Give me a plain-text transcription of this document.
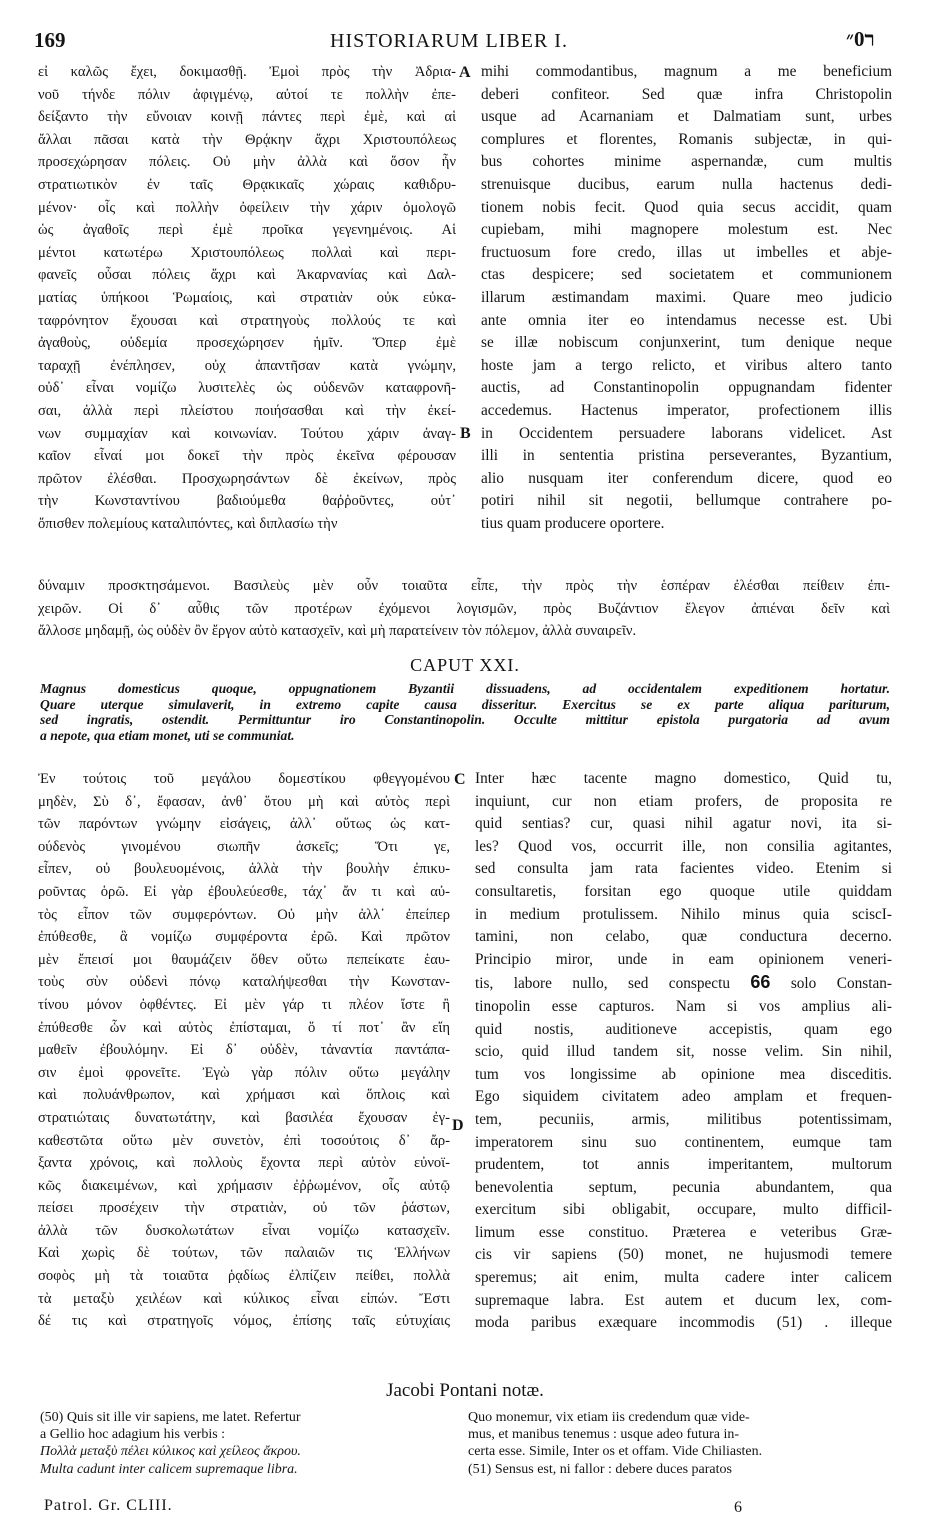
169	HISTORIARUM LIBER I.	ר0״

εἰ καλῶς ἔχει, δοκιμασθῇ. Ἐμοὶ πρὸς τὴν Ἀδρια-

νοῦ τήνδε πόλιν ἀφιγμένῳ, αὐτοί τε πολλὴν ἐπε-

δείξαντο τὴν εὔνοιαν κοινῇ πάντες περὶ ἐμὲ, καὶ αἱ

ἄλλαι πᾶσαι κατὰ τὴν Θρᾴκην ἄχρι Χριστουπόλεως

προσεχώρησαν πόλεις. Οὐ μὴν ἀλλὰ καὶ ὅσον ἦν

στρατιωτικὸν ἐν ταῖς Θρᾳκικαῖς χώραις καθιδρυ-

μένον· οἷς καὶ πολλὴν ὀφείλειν τὴν χάριν ὁμολογῶ

ὡς ἀγαθοῖς περὶ ἐμὲ προῖκα γεγενημένοις. Αἱ

μέντοι κατωτέρω Χριστουπόλεως πολλαὶ καὶ περι-

φανεῖς οὖσαι πόλεις ἄχρι καὶ Ἀκαρνανίας καὶ Δαλ-

ματίας ὑπήκοοι Ῥωμαίοις, καὶ στρατιὰν οὐκ εὐκα-

ταφρόνητον ἔχουσαι καὶ στρατηγοὺς πολλούς τε καὶ

ἀγαθοὺς, οὐδεμία προσεχώρησεν ἡμῖν. Ὅπερ ἐμὲ

ταραχῇ ἐνέπλησεν, οὐχ ἀπαντῆσαν κατὰ γνώμην,

οὐδ᾽ εἶναι νομίζω λυσιτελὲς ὡς οὐδενῶν καταφρονῆ-

σαι, ἀλλὰ περὶ πλείστου ποιήσασθαι καὶ τὴν ἐκεί-

νων συμμαχίαν καὶ κοινωνίαν. Τούτου χάριν ἀναγ-

καῖον εἶναί μοι δοκεῖ τὴν πρὸς ἐκεῖνα φέρουσαν

πρῶτον ἐλέσθαι. Προσχωρησάντων δὲ ἐκείνων, πρὸς

τὴν Κωνσταντίνου βαδιούμεθα θαῤῥοῦντες, οὐτ᾽

ὄπισθεν πολεμίους καταλιπόντες, καὶ διπλασίω τὴν

mihi commodantibus, magnum a me beneficium

deberi confiteor. Sed quæ infra Christopolin

usque ad Acarnaniam et Dalmatiam sunt, urbes

complures et florentes, Romanis subjectæ, in qui-

bus cohortes minime aspernandæ, cum multis

strenuisque ducibus, earum nulla hactenus dedi-

tionem nobis fecit. Quod quia secus accidit, quam

cupiebam, mihi magnopere molestum est. Nec

fructuosum fore credo, illas ut imbelles et abje-

ctas despicere; sed societatem et communionem

illarum æstimandam maximi. Quare meo judicio

ante omnia iter eo intendamus necesse est. Ubi

se illæ nobiscum conjunxerint, tum denique neque

hoste jam a tergo relicto, et viribus altero tanto

auctis, ad Constantinopolin oppugnandam fidenter

accedemus. Hactenus imperator, profectionem illis

in Occidentem persuadere laborans videlicet. Ast

illi in sententia pristina perseverantes, Byzantium,

alio nusquam iter conferendum dicere, quod eo

potiri nihil sit negotii, bellumque contrahere po-

tius quam producere oportere.

A
B

δύναμιν προσκτησάμενοι. Βασιλεὺς μὲν οὖν τοιαῦτα εἶπε, τὴν πρὸς τὴν ἑσπέραν ἐλέσθαι πείθειν ἐπι-

χειρῶν. Οἱ δ᾽ αὖθις τῶν προτέρων ἐχόμενοι λογισμῶν, πρὸς Βυζάντιον ἔλεγον ἀπιέναι δεῖν καὶ

ἄλλοσε μηδαμῇ, ὡς οὐδὲν ὂν ἔργον αὐτὸ κατασχεῖν, καὶ μὴ παρατείνειν τὸν πόλεμον, ἀλλὰ συναιρεῖν.

CAPUT XXI.

Magnus domesticus quoque, oppugnationem Byzantii dissuadens, ad occidentalem expeditionem hortatur.

Quare uterque simulaverit, in extremo capite causa disseritur. Exercitus se ex parte aliqua pariturum,

sed ingratis, ostendit. Permittuntur iro Constantinopolin. Occulte mittitur epistola purgatoria ad avum

a nepote, qua etiam monet, uti se communiat.

Ἐν τούτοις τοῦ μεγάλου δομεστίκου φθεγγομένου

μηδὲν, Σὺ δ᾽, ἔφασαν, ἀνθ᾽ ὅτου μὴ καὶ αὐτὸς περὶ

τῶν παρόντων γνώμην εἰσάγεις, ἀλλ᾽ οὕτως ὡς κατ-

ούδενὸς γινομένου σιωπῆν ἀσκεῖς; Ὅτι γε,

εἶπεν, οὐ βουλευομένοις, ἀλλὰ τὴν βουλὴν ἐπικυ-

ροῦντας ὁρῶ. Εἰ γὰρ ἐβουλεύεσθε, τάχ᾽ ἄν τι καὶ αὐ-

τὸς εἶπον τῶν συμφερόντων. Οὐ μὴν ἀλλ᾽ ἐπείπερ

ἐπύθεσθε, ἃ νομίζω συμφέροντα ἐρῶ. Καὶ πρῶτον

μὲν ἔπεισί μοι θαυμάζειν ὅθεν οὕτω πεπείκατε ἑαυ-

τοὺς σὺν οὐδενὶ πόνῳ καταλήψεσθαι τὴν Κωνσταν-

τίνου μόνον ὀφθέντες. Εἰ μὲν γάρ τι πλέον ἴστε ἢ

ἐπύθεσθε ὧν καὶ αὐτὸς ἐπίσταμαι, ὅ τί ποτ᾽ ἂν εἴη

μαθεῖν ἐβουλόμην. Εἰ δ᾽ οὐδὲν, τἀναντία παντάπα-

σιν ἐμοὶ φρονεῖτε. Ἐγὼ γὰρ πόλιν οὕτω μεγάλην

καὶ πολυάνθρωπον, καὶ χρήμασι καὶ ὅπλοις καὶ

στρατιώταις δυνατωτάτην, καὶ βασιλέα ἔχουσαν ἐγ-

καθεστῶτα οὕτω μὲν συνετὸν, ἐπὶ τοσούτοις δ᾽ ἄρ-

ξαντα χρόνοις, καὶ πολλοὺς ἔχοντα περὶ αὐτὸν εὐνοϊ-

κῶς διακειμένων, καὶ χρήμασιν ἐῤῥωμένον, οἷς αὐτῷ

πείσει προσέχειν τὴν στρατιὰν, οὐ τῶν ῥάστων,

ἀλλὰ τῶν δυσκολωτάτων εἶναι νομίζω κατασχεῖν.

Καὶ χωρὶς δὲ τούτων, τῶν παλαιῶν τις Ἑλλήνων

σοφὸς μὴ τὰ τοιαῦτα ῥᾳδίως ἐλπίζειν πείθει, πολλὰ

τὰ μεταξὺ χειλέων καὶ κύλικος εἶναι εἰπών. Ἔστι

δέ τις καὶ στρατηγοῖς νόμος, ἐπίσης ταῖς εὐτυχίαις

Inter hæc tacente magno domestico, Quid tu,

inquiunt, cur non etiam profers, de proposita re

quid sentias? cur, quasi nihil agatur novi, ita si-

les? Quod vos, occurrit ille, non consilia agitantes,

sed consulta jam rata facientes video. Etenim si

consultaretis, forsitan ego quoque utile quiddam

in medium protulissem. Nihilo minus quia sciscI-

tamini, non celabo, quæ conductura decerno.

Principio miror, unde in eam opinionem veneri-

tis, labore nullo, sed conspectu 66 solo Constan-

tinopolin esse capturos. Nam si vos amplius ali-

quid nostis, auditioneve accepistis, quam ego

scio, quid illud tandem sit, nosse velim. Sin nihil,

tum vos longissime ab opinione mea disceditis.

Ego siquidem civitatem adeo amplam et frequen-

tem, pecuniis, armis, militibus potentissimam,

imperatorem sinu suo continentem, eumque tam

prudentem, tot annis imperitantem, multorum

benevolentia septum, pecunia abundantem, qua

exercitum sibi obligabit, occupare, multo difficil-

limum esse constituo. Præterea e veteribus Græ-

cis vir sapiens (50) monet, ne hujusmodi temere

speremus; ait enim, multa cadere inter calicem

supremaque labra. Est autem et ducum lex, com-

moda paribus exæquare incommodis (51) . illeque

C
D
Jacobi Pontani notæ.

(50) Quis sit ille vir sapiens, me latet. Refertur

a Gellio hoc adagium his verbis :

Πολλὰ μεταξὺ πέλει κύλικος καὶ χείλεος ἄκρου.

Multa cadunt inter calicem supremaque libra.

Quo monemur, vix etiam iis credendum quæ vide-

mus, et manibus tenemus : usque adeo futura in-

certa esse. Simile, Inter os et offam. Vide Chiliasten.

(51) Sensus est, ni fallor : debere duces paratos

Patrol. Gr. CLIII.	6
